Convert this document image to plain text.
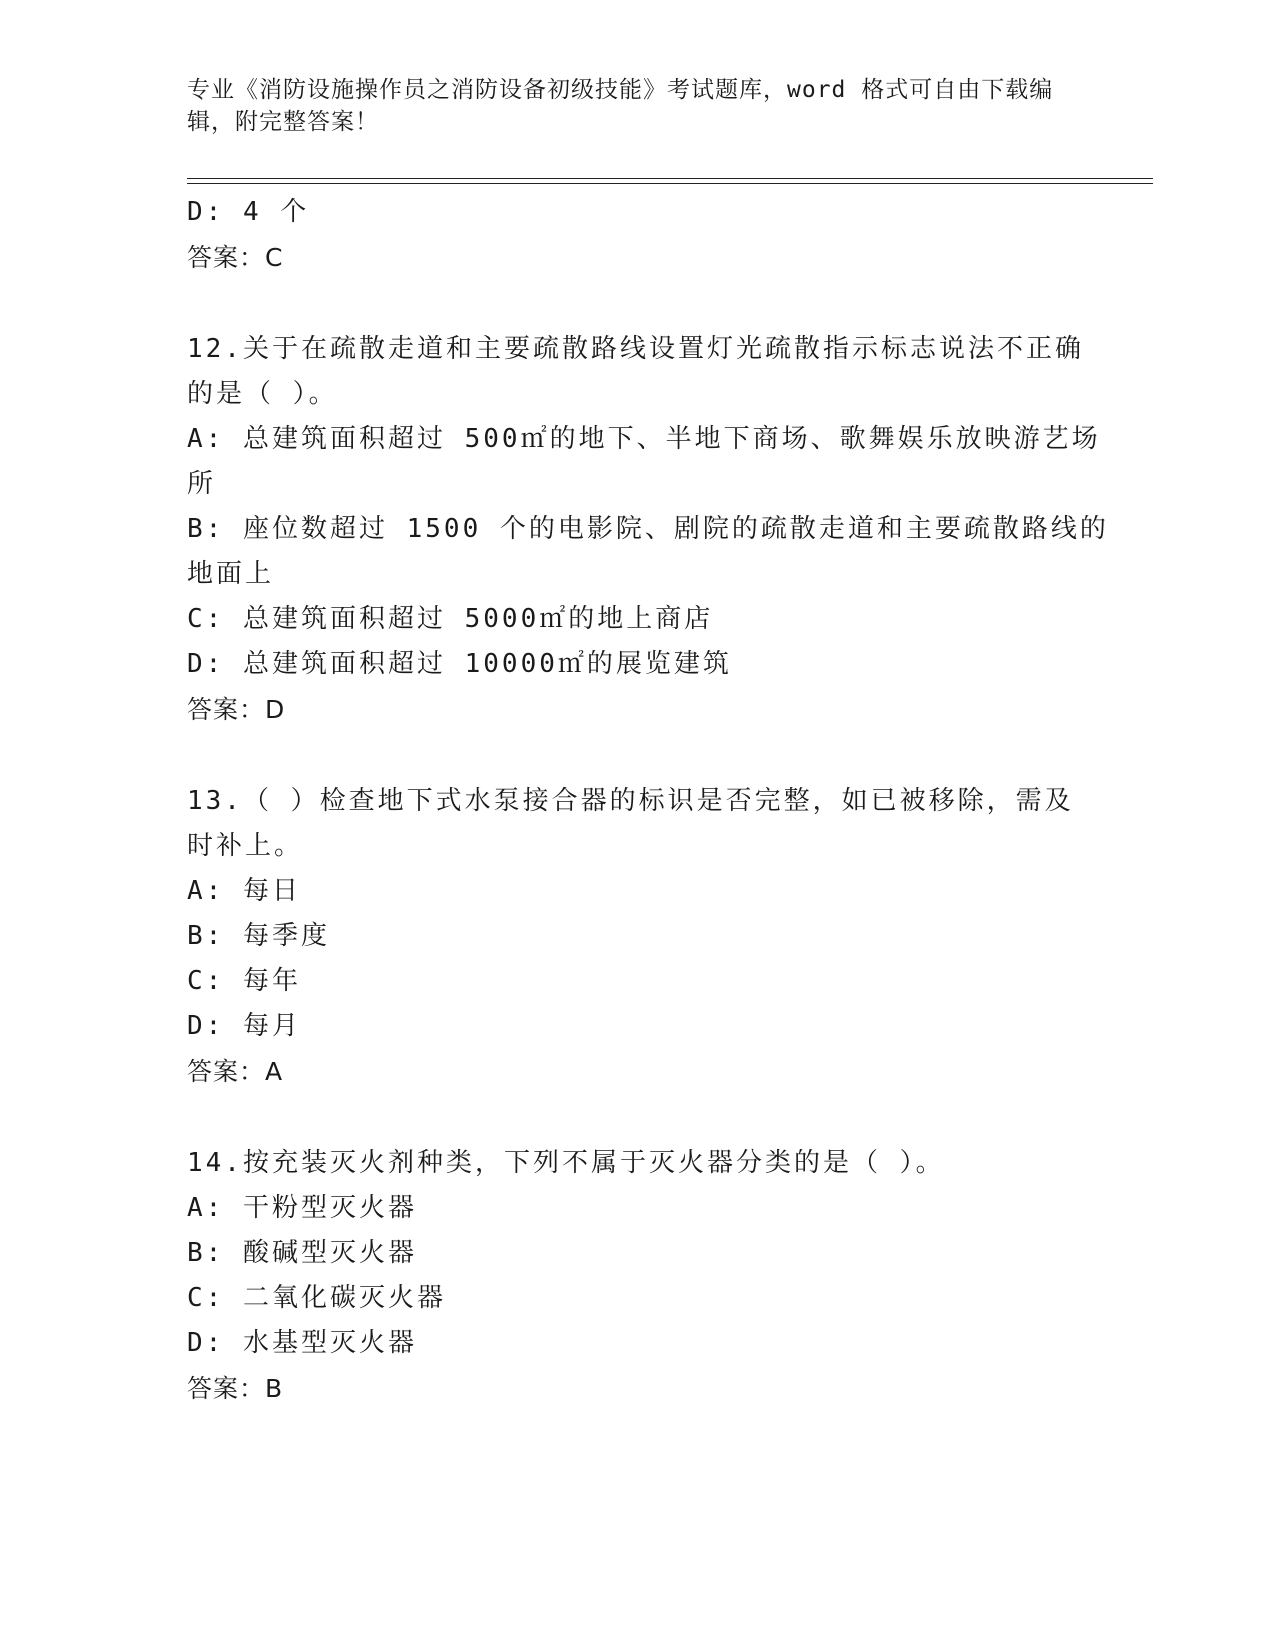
专业《消防设施操作员之消防设备初级技能》考试题库，word 格式可自由下载编
辑，附完整答案！
D: 4 个
答案：C
12.关于在疏散走道和主要疏散路线设置灯光疏散指示标志说法不正确
的是（ ）。
A: 总建筑面积超过 500㎡的地下、半地下商场、歌舞娱乐放映游艺场
所
B: 座位数超过 1500 个的电影院、剧院的疏散走道和主要疏散路线的
地面上
C: 总建筑面积超过 5000㎡的地上商店
D: 总建筑面积超过 10000㎡的展览建筑
答案：D
13.（ ）检查地下式水泵接合器的标识是否完整，如已被移除，需及
时补上。
A: 每日
B: 每季度
C: 每年
D: 每月
答案：A
14.按充装灭火剂种类，下列不属于灭火器分类的是（ ）。
A: 干粉型灭火器
B: 酸碱型灭火器
C: 二氧化碳灭火器
D: 水基型灭火器
答案：B
